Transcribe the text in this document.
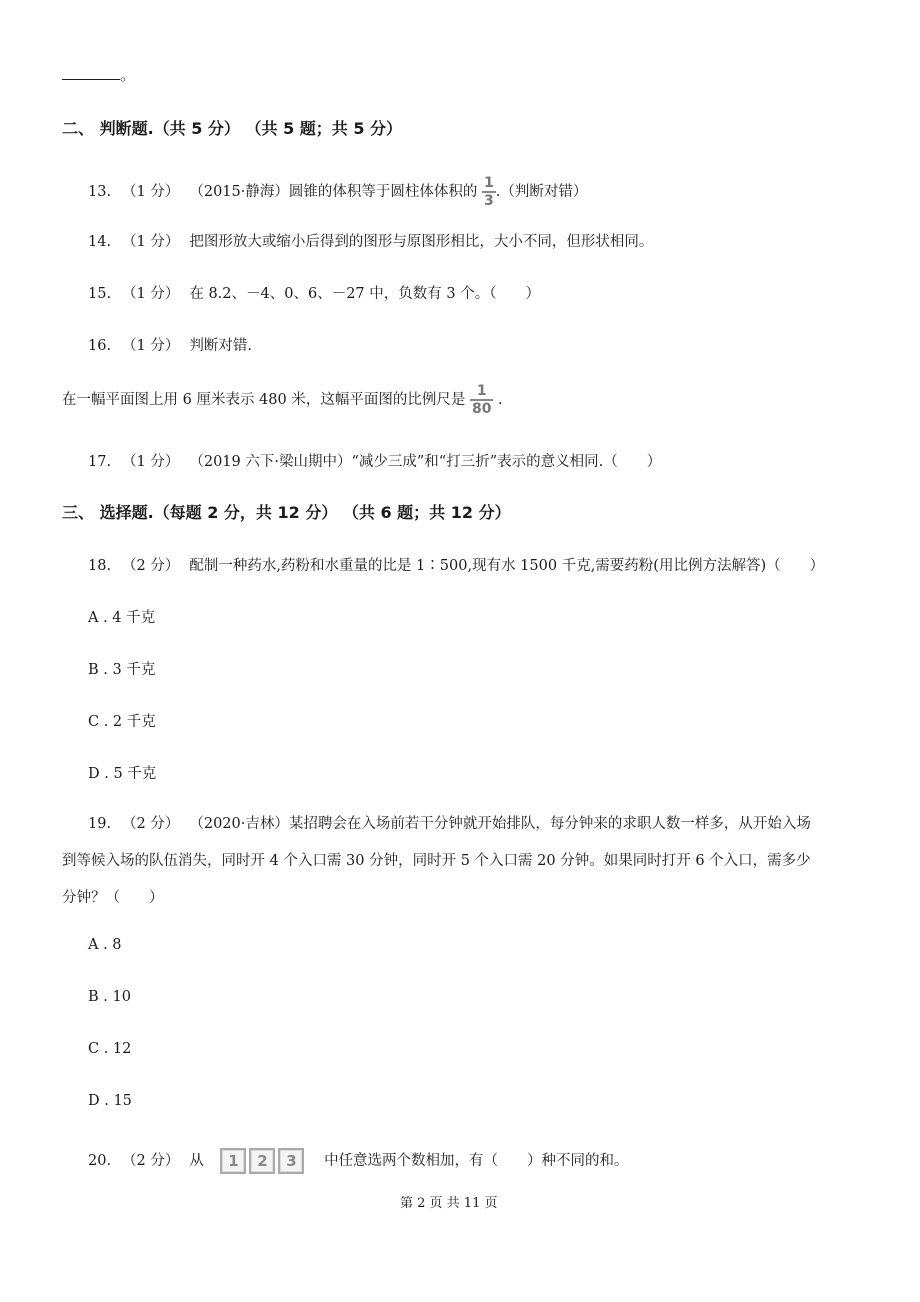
。
二、 判断题.（共 5 分） （共 5 题；共 5 分）
13. （1 分） （2015·静海）圆锥的体积等于圆柱体体积的 $\frac{1}{3}$ .（判断对错）
14. （1 分） 把图形放大或缩小后得到的图形与原图形相比，大小不同，但形状相同。
15. （1 分） 在 8.2、－4、0、6、－27 中，负数有 3 个。（　　）
16. （1 分） 判断对错.
在一幅平面图上用 6 厘米表示 480 米，这幅平面图的比例尺是 $\frac{1}{80}$ .
17. （1 分） （2019 六下·梁山期中）“减少三成”和“打三折”表示的意义相同.（　　）
三、 选择题.（每题 2 分，共 12 分） （共 6 题；共 12 分）
18. （2 分） 配制一种药水,药粉和水重量的比是 1∶500,现有水 1500 千克,需要药粉(用比例方法解答)（　　）
A . 4 千克
B . 3 千克
C . 2 千克
D . 5 千克
19. （2 分） （2020·吉林）某招聘会在入场前若干分钟就开始排队，每分钟来的求职人数一样多，从开始入场
到等候入场的队伍消失，同时开 4 个入口需 30 分钟，同时开 5 个入口需 20 分钟。如果同时打开 6 个入口，需多少
分钟？（　　）
A . 8
B . 10
C . 12
D . 15
20. （2 分） 从 1 2 3 中任意选两个数相加，有（　　）种不同的和。
第 2 页 共 11 页
